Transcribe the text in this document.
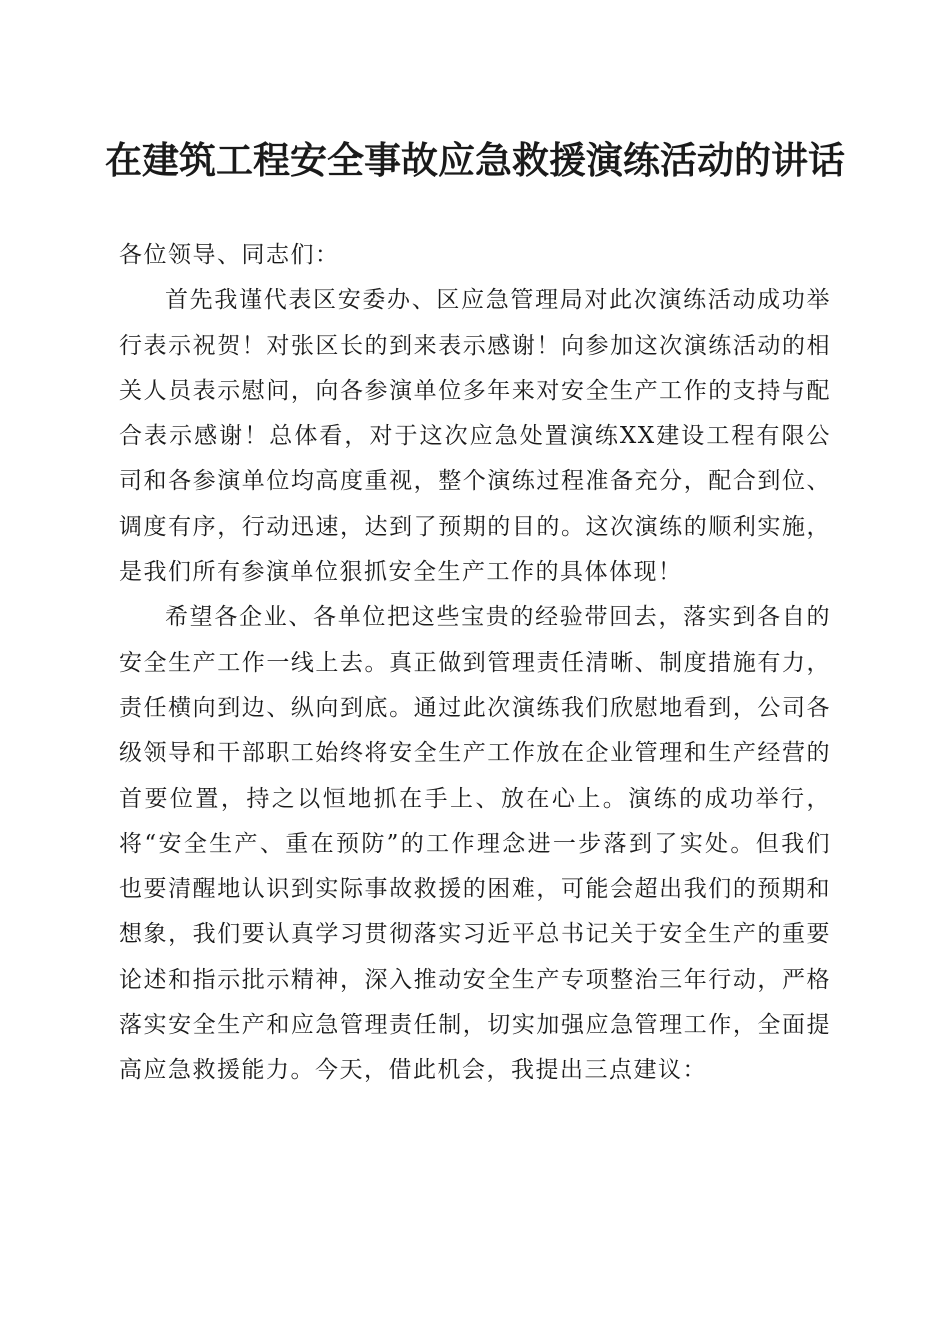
在建筑工程安全事故应急救援演练活动的讲话

各位领导、同志们：

首先我谨代表区安委办、区应急管理局对此次演练活动成功举行表示祝贺！对张区长的到来表示感谢！向参加这次演练活动的相关人员表示慰问，向各参演单位多年来对安全生产工作的支持与配合表示感谢！总体看，对于这次应急处置演练XX建设工程有限公司和各参演单位均高度重视，整个演练过程准备充分，配合到位、调度有序，行动迅速，达到了预期的目的。这次演练的顺利实施，是我们所有参演单位狠抓安全生产工作的具体体现！

希望各企业、各单位把这些宝贵的经验带回去，落实到各自的安全生产工作一线上去。真正做到管理责任清晰、制度措施有力，责任横向到边、纵向到底。通过此次演练我们欣慰地看到，公司各级领导和干部职工始终将安全生产工作放在企业管理和生产经营的首要位置，持之以恒地抓在手上、放在心上。演练的成功举行，将“安全生产、重在预防”的工作理念进一步落到了实处。但我们也要清醒地认识到实际事故救援的困难，可能会超出我们的预期和想象，我们要认真学习贯彻落实习近平总书记关于安全生产的重要论述和指示批示精神，深入推动安全生产专项整治三年行动，严格落实安全生产和应急管理责任制，切实加强应急管理工作，全面提高应急救援能力。今天，借此机会，我提出三点建议：
